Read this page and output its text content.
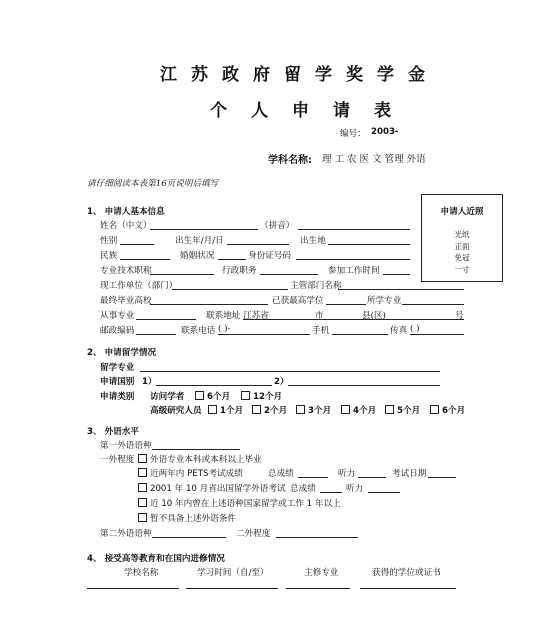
江苏政府留学奖学金
个人申请表
编号： 2003-
学科名称: 理 工 农 医 文 管理 外语
请仔细阅读本表第16页说明后填写
申请人近照
光纸
正面
免冠
一寸
1、 申请人基本信息
姓名（中文）	（拼音）
性别	出生年/月/日	出生地
民族	婚姻状况	身份证号码
专业技术职称	行政职务	参加工作时间
现工作单位（部门）	主管部门名称
最终毕业高校	已获最高学位	所学专业
从事专业	联系地址 江苏省	市	县(区)	号
邮政编码	联系电话 ( )-	手机	传真 ( )
2、 申请留学情况
留学专业
申请国别 1）	2）
申请类别 访问学者	6个月	12个月
高级研究人员	1个月	2个月	3个月	4个月	5个月	6个月
3、 外语水平
第一外语语种
一外程度	外语专业本科或本科以上毕业
近两年内 PETS考试成绩	总成绩	听力	考试日期
2001 年 10 月省出国留学外语考试 总成绩	听力
近 10 年内曾在上述语种国家留学或工作 1 年以上
暂不具备上述外语条件
第二外语语种	二外程度
4、 接受高等教育和在国内进修情况
学校名称	学习时间（自/至）	主修专业	获得的学位或证书
